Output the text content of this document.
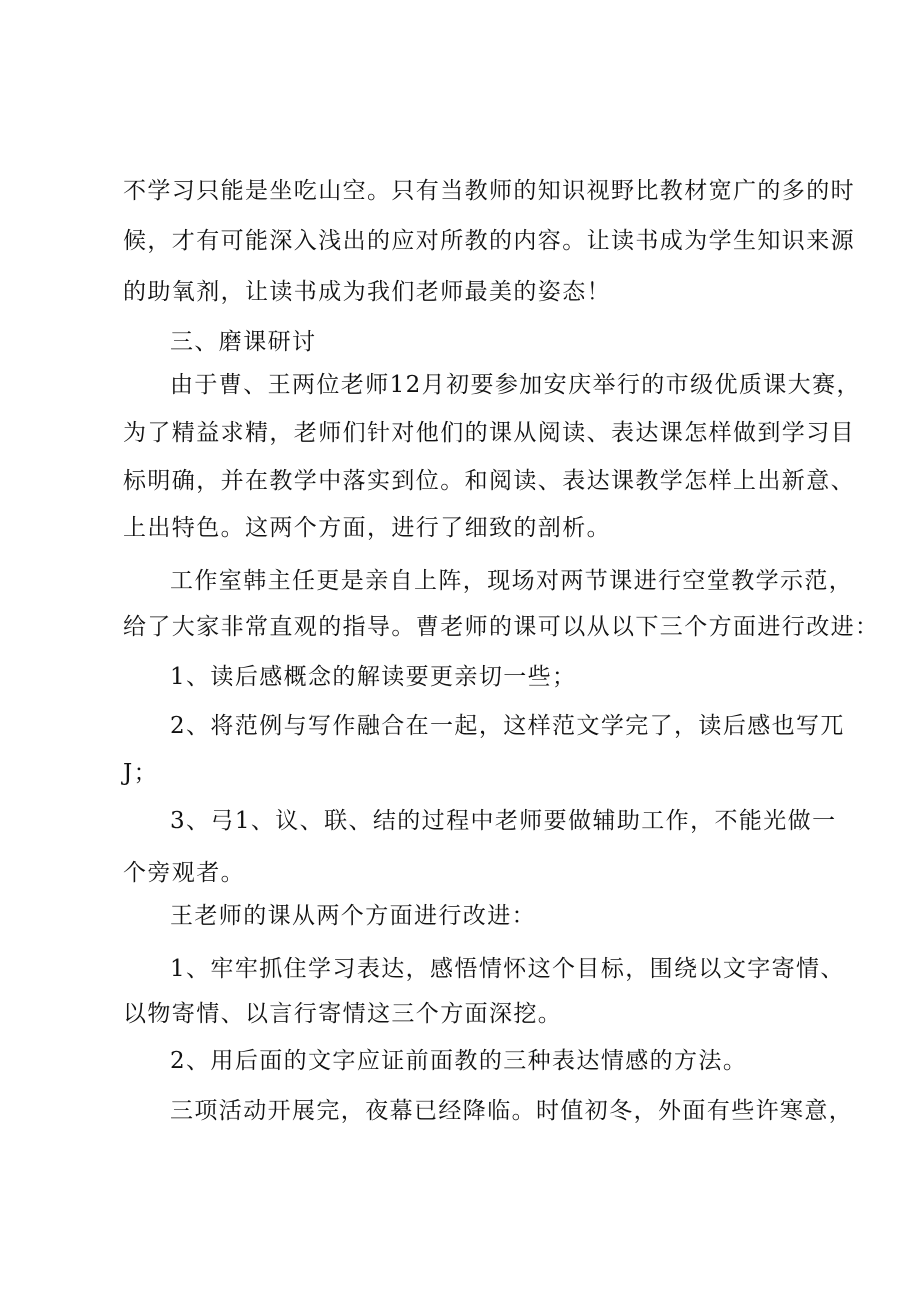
不学习只能是坐吃山空。只有当教师的知识视野比教材宽广的多的时

候，才有可能深入浅出的应对所教的内容。让读书成为学生知识来源

的助氧剂，让读书成为我们老师最美的姿态！

三、磨课研讨

由于曹、王两位老师12月初要参加安庆举行的市级优质课大赛，

为了精益求精，老师们针对他们的课从阅读、表达课怎样做到学习目

标明确，并在教学中落实到位。和阅读、表达课教学怎样上出新意、

上出特色。这两个方面，进行了细致的剖析。

工作室韩主任更是亲自上阵，现场对两节课进行空堂教学示范，

给了大家非常直观的指导。曹老师的课可以从以下三个方面进行改进：

1、读后感概念的解读要更亲切一些；

2、将范例与写作融合在一起，这样范文学完了，读后感也写兀

J；

3、弓1、议、联、结的过程中老师要做辅助工作，不能光做一

个旁观者。

王老师的课从两个方面进行改进：

1、牢牢抓住学习表达，感悟情怀这个目标，围绕以文字寄情、

以物寄情、以言行寄情这三个方面深挖。

2、用后面的文字应证前面教的三种表达情感的方法。

三项活动开展完，夜幕已经降临。时值初冬，外面有些许寒意，
